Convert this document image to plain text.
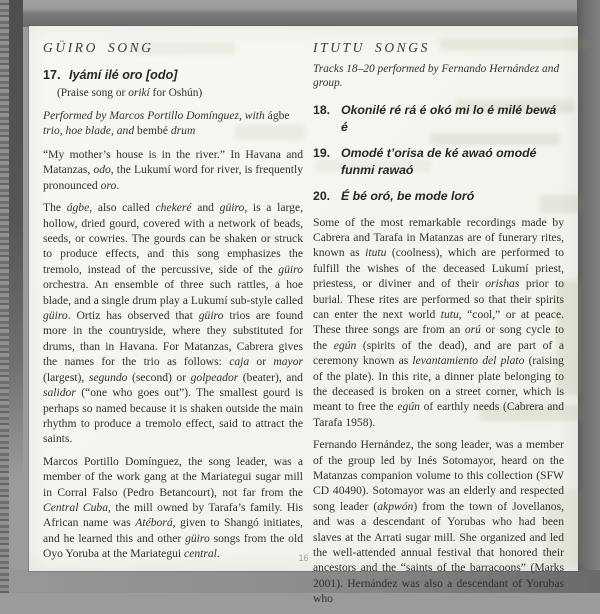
GÜIRO SONG
17. Iyámí ilé oro [odo]

(Praise song or orikí for Oshún)

Performed by Marcos Portillo Domínguez, with ágbe trio, hoe blade, and bembé drum

“My mother’s house is in the river.” In Havana and Matanzas, odo, the Lukumí word for river, is frequently pronounced oro.

The ágbe, also called chekeré and güiro, is a large, hollow, dried gourd, covered with a network of beads, seeds, or cowries. The gourds can be shaken or struck to produce effects, and this song emphasizes the tremolo, instead of the percussive, side of the güiro orchestra. An ensemble of three such rattles, a hoe blade, and a single drum play a Lukumí sub-style called güiro. Ortiz has observed that güiro trios are found more in the countryside, where they substituted for drums, than in Havana. For Matanzas, Cabrera gives the names for the trio as follows: caja or mayor (largest), segundo (second) or golpeador (beater), and salidor (“one who goes out”). The smallest gourd is perhaps so named because it is shaken outside the main rhythm to produce a tremolo effect, said to attract the saints.

Marcos Portillo Domínguez, the song leader, was a member of the work gang at the Mariategui sugar mill in Corral Falso (Pedro Betancourt), not far from the Central Cuba, the mill owned by Tarafa’s family. His African name was Atéborá, given to Shangó initiates, and he learned this and other güiro songs from the old Oyo Yoruba at the Mariategui central.

ITUTU SONGS

Tracks 18–20 performed by Fernando Hernández and group.

18. Okonilé ré rá é okó mi lo é milé bewá é
19. Omodé t’orisa de ké awaó omodé funmi rawaó
20. É bé oró, be mode loró

Some of the most remarkable recordings made by Cabrera and Tarafa in Matanzas are of funerary rites, known as itutu (coolness), which are performed to fulfill the wishes of the deceased Lukumí priest, priestess, or diviner and of their orishas prior to burial. These rites are performed so that their spirits can enter the next world tutu, “cool,” or at peace. These three songs are from an orú or song cycle to the egún (spirits of the dead), and are part of a ceremony known as levantamiento del plato (raising of the plate). In this rite, a dinner plate belonging to the deceased is broken on a street corner, which is meant to free the egún of earthly needs (Cabrera and Tarafa 1958).

Fernando Hernández, the song leader, was a member of the group led by Inés Sotomayor, heard on the Matanzas companion volume to this collection (SFW CD 40490). Sotomayor was an elderly and respected song leader (akpwón) from the town of Jovellanos, and was a descendant of Yorubas who had been slaves at the Arrati sugar mill. She organized and led the well-attended annual festival that honored their ancestors and the “saints of the barracoons” (Marks 2001). Hernández was also a descendant of Yorubas who

16
